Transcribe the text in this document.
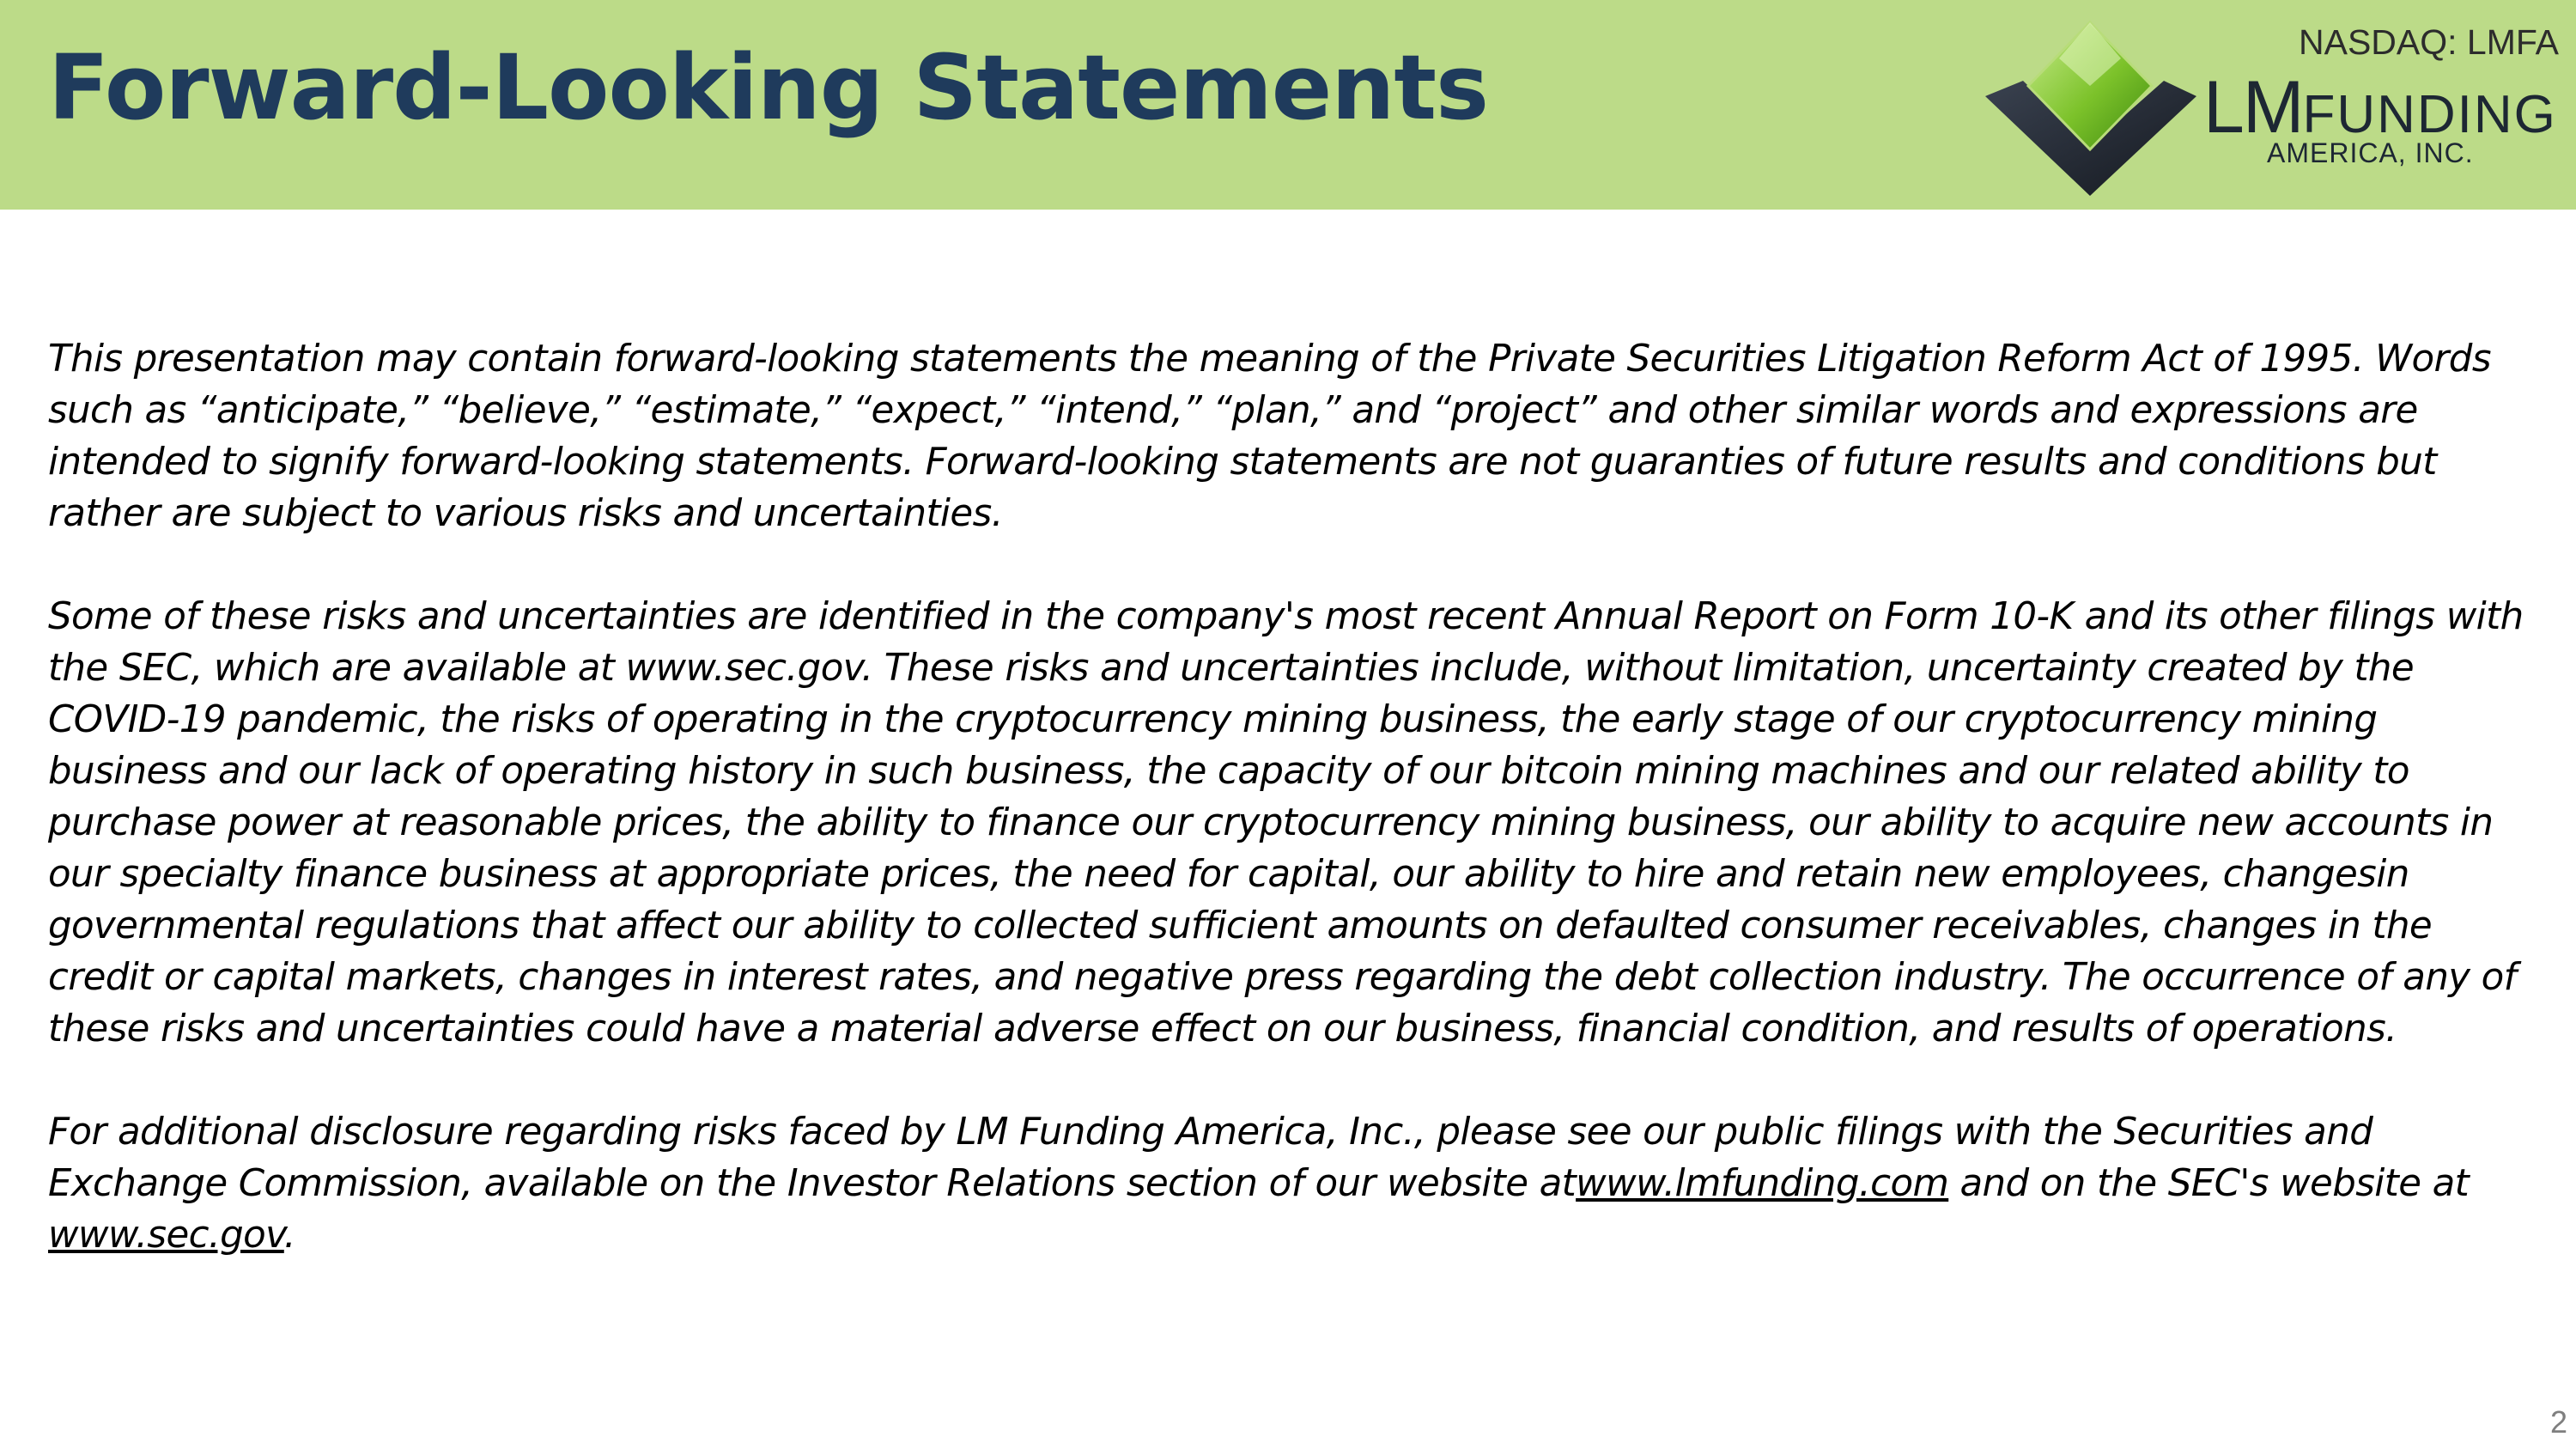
Forward-Looking Statements	NASDAQ: LMFA
LMFUNDING
AMERICA, INC.

This presentation may contain forward-looking statements the meaning of the Private Securities Litigation Reform Act of 1995. Words such as “anticipate,” “believe,” “estimate,” “expect,” “intend,” “plan,” and “project” and other similar words and expressions are intended to signify forward-looking statements. Forward-looking statements are not guaranties of future results and conditions but rather are subject to various risks and uncertainties.

Some of these risks and uncertainties are identified in the company's most recent Annual Report on Form 10-K and its other filings with the SEC, which are available at www.sec.gov. These risks and uncertainties include, without limitation, uncertainty created by the COVID-19 pandemic, the risks of operating in the cryptocurrency mining business, the early stage of our cryptocurrency mining business and our lack of operating history in such business, the capacity of our bitcoin mining machines and our related ability to purchase power at reasonable prices, the ability to finance our cryptocurrency mining business, our ability to acquire new accounts in our specialty finance business at appropriate prices, the need for capital, our ability to hire and retain new employees, changesin governmental regulations that affect our ability to collected sufficient amounts on defaulted consumer receivables, changes in the credit or capital markets, changes in interest rates, and negative press regarding the debt collection industry. The occurrence of any of these risks and uncertainties could have a material adverse effect on our business, financial condition, and results of operations.

For additional disclosure regarding risks faced by LM Funding America, Inc., please see our public filings with the Securities and Exchange Commission, available on the Investor Relations section of our website atwww.lmfunding.com and on the SEC's website at www.sec.gov.

2
